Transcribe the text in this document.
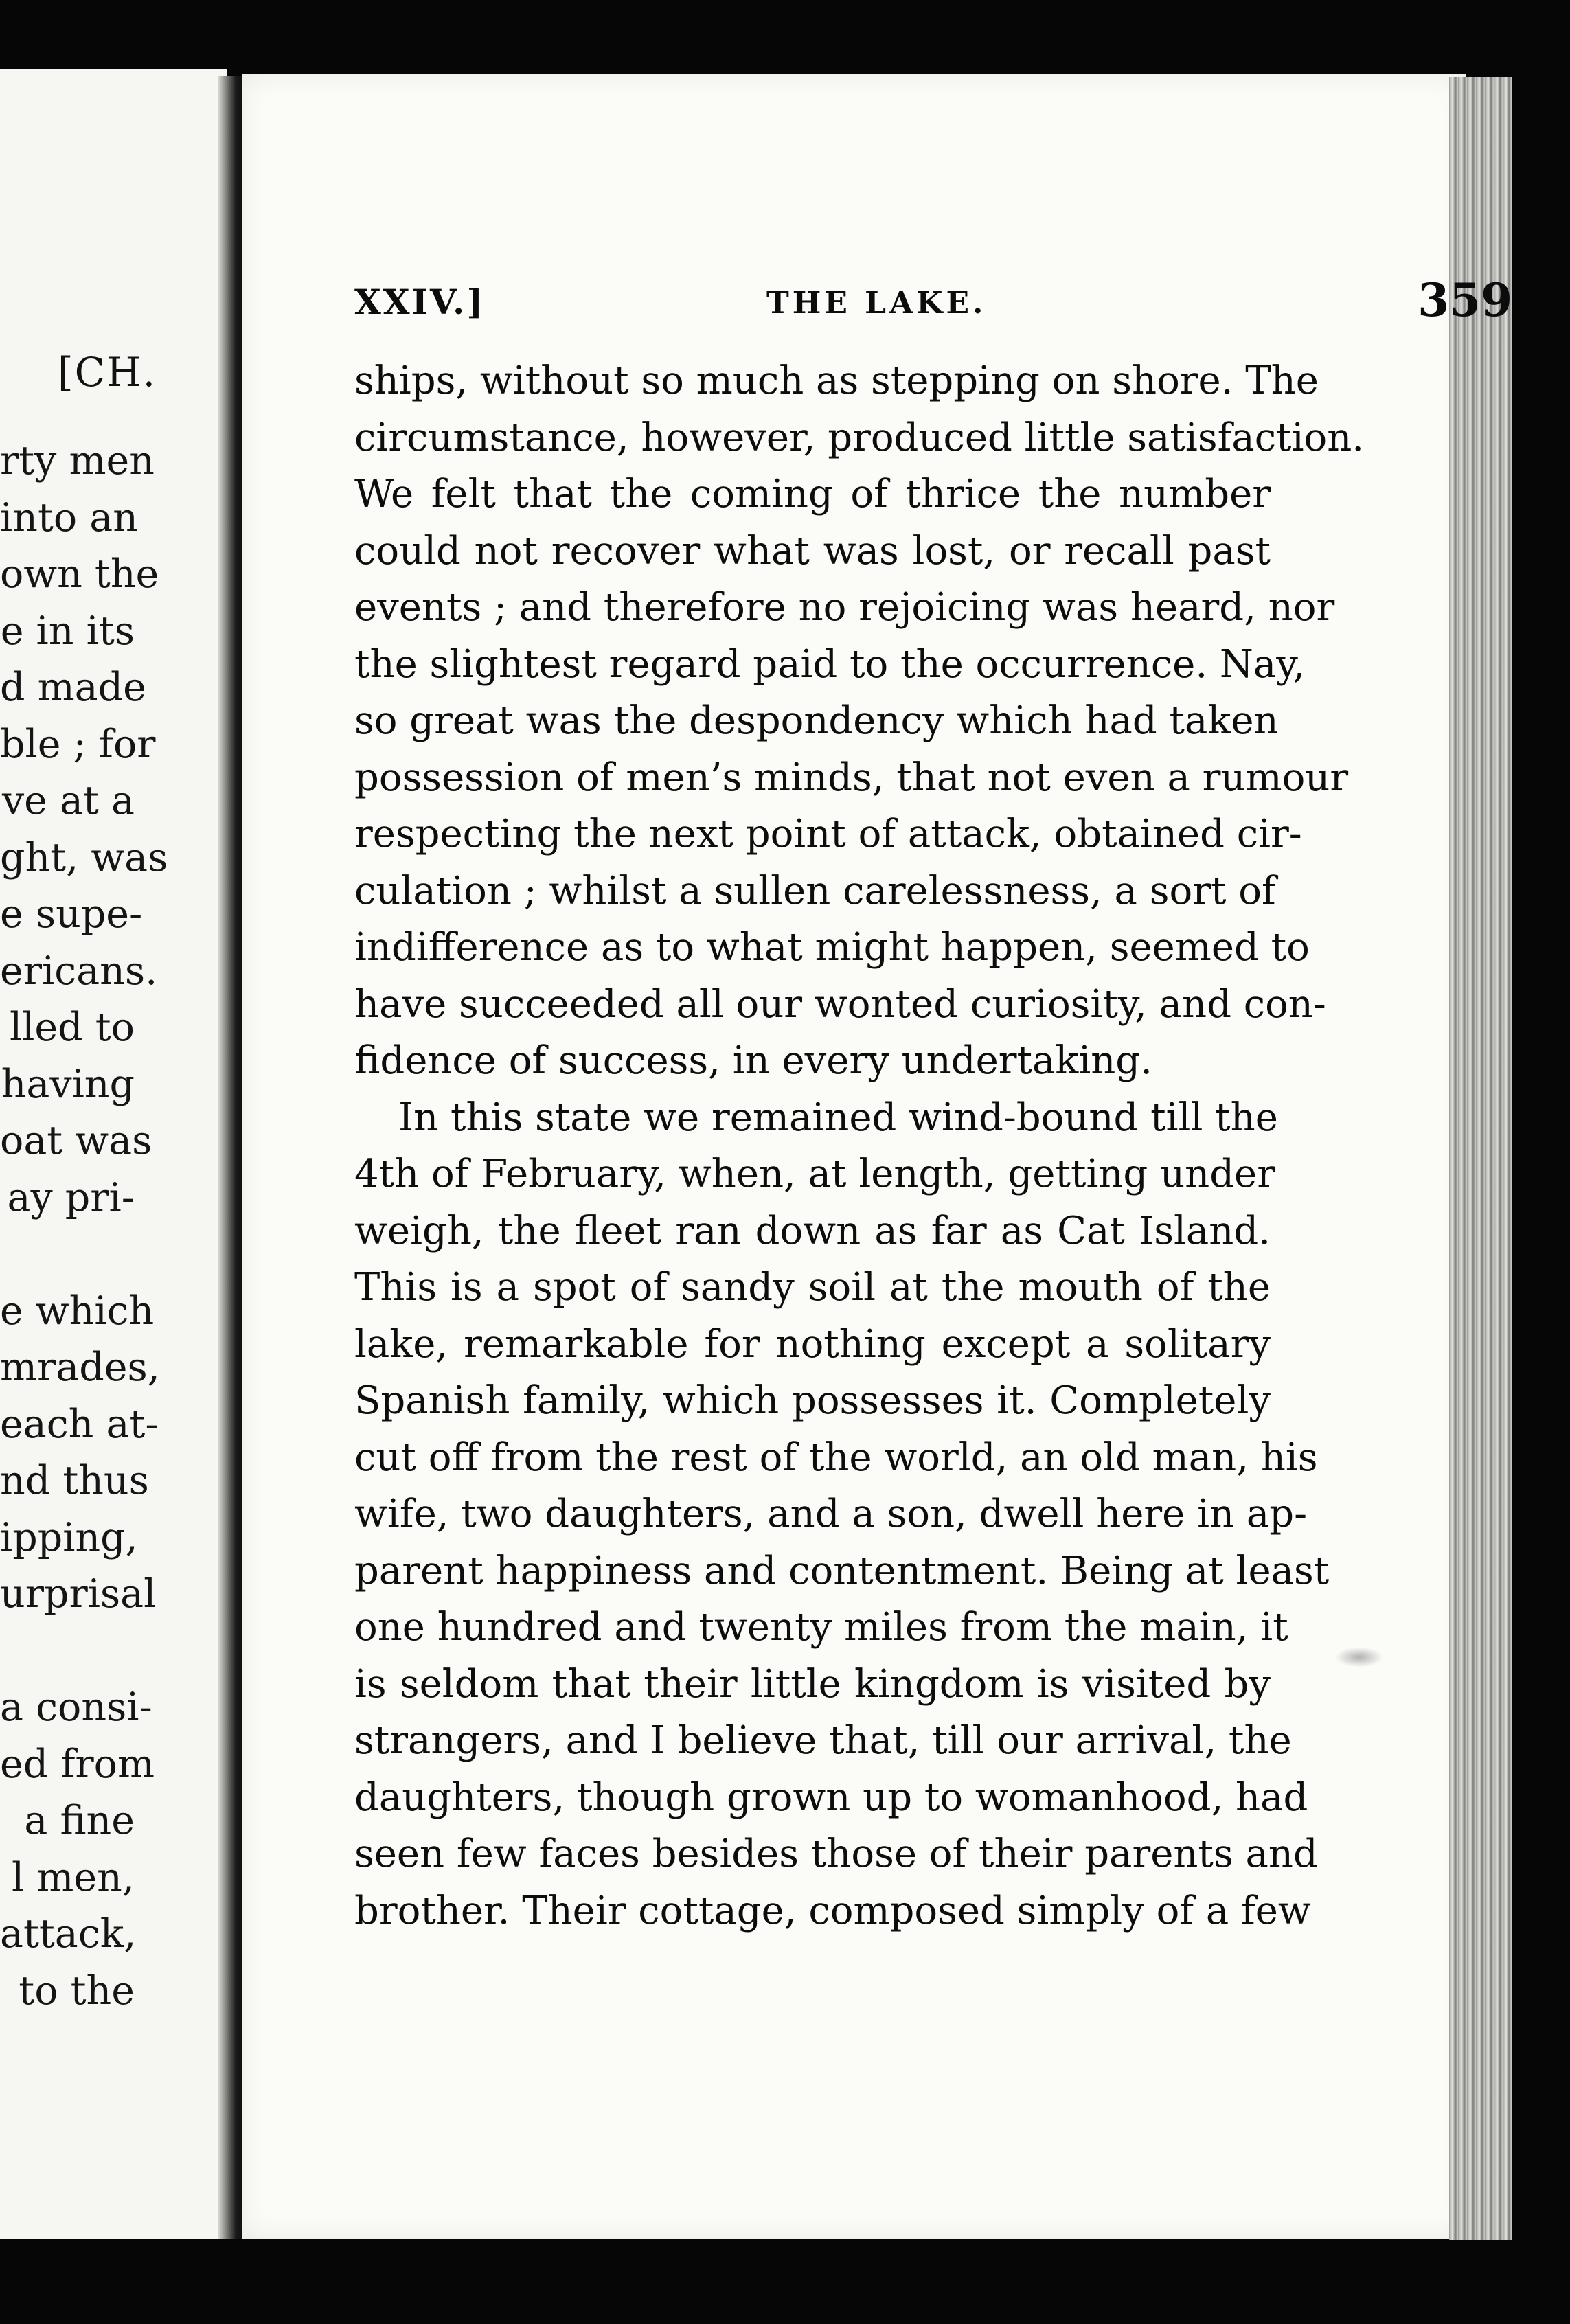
[CH.
rty men
into an
own the
e in its
d made
ble ; for
ve at a
ght, was
e supe-
ericans.
lled to
having
oat was
ay pri-
e which
mrades,
each at-
nd thus
ipping,
urprisal
a consi-
ed from
a fine
l men,
attack,
to the
XXIV.]	THE LAKE.	359
ships, without so much as stepping on shore. The
circumstance, however, produced little satisfaction.
We felt that the coming of thrice the number
could not recover what was lost, or recall past
events ; and therefore no rejoicing was heard, nor
the slightest regard paid to the occurrence. Nay,
so great was the despondency which had taken
possession of men’s minds, that not even a rumour
respecting the next point of attack, obtained cir-
culation ; whilst a sullen carelessness, a sort of
indifference as to what might happen, seemed to
have succeeded all our wonted curiosity, and con-
fidence of success, in every undertaking.
In this state we remained wind-bound till the
4th of February, when, at length, getting under
weigh, the fleet ran down as far as Cat Island.
This is a spot of sandy soil at the mouth of the
lake, remarkable for nothing except a solitary
Spanish family, which possesses it. Completely
cut off from the rest of the world, an old man, his
wife, two daughters, and a son, dwell here in ap-
parent happiness and contentment. Being at least
one hundred and twenty miles from the main, it
is seldom that their little kingdom is visited by
strangers, and I believe that, till our arrival, the
daughters, though grown up to womanhood, had
seen few faces besides those of their parents and
brother. Their cottage, composed simply of a few
